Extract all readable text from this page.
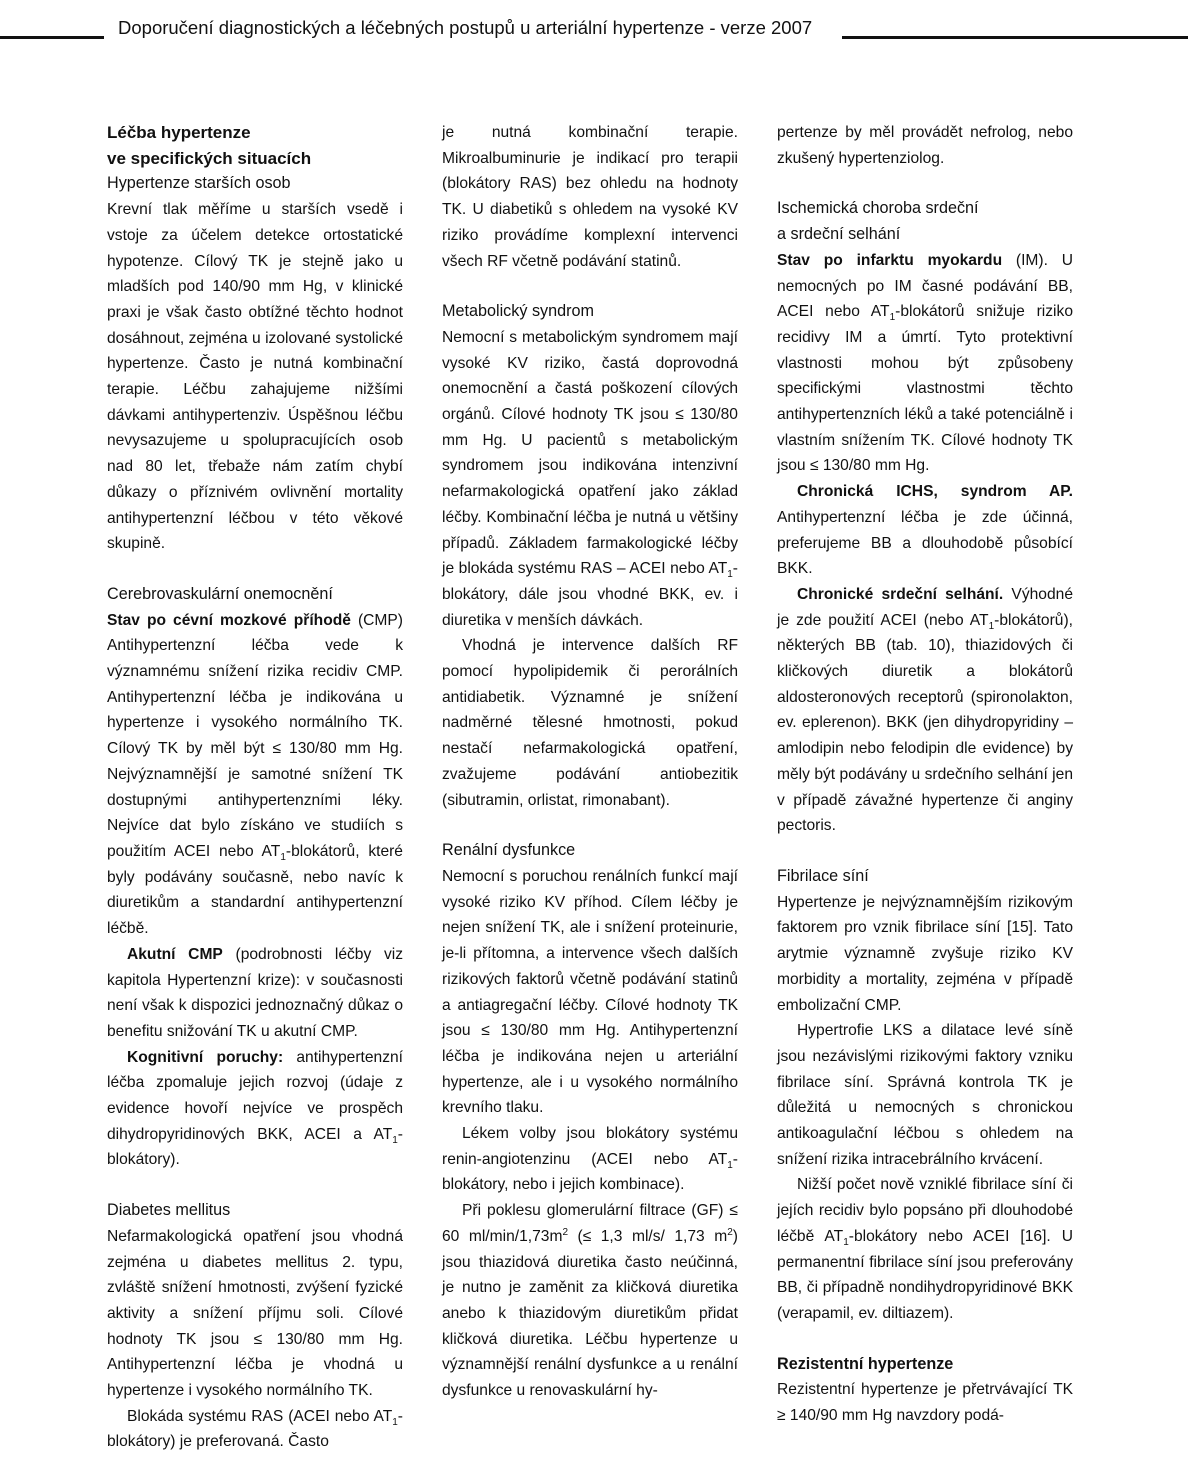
Doporučení diagnostických a léčebných postupů u arteriální hypertenze - verze 2007
Léčba hypertenze
ve specifických situacích
Hypertenze starších osob

Krevní tlak měříme u starších vsedě i vstoje za účelem detekce ortostatické hypotenze. Cílový TK je stejně jako u mladších pod 140/90 mm Hg, v klinické praxi je však často obtížné těchto hodnot dosáhnout, zejména u izolované systolické hypertenze. Často je nutná kombinační terapie. Léčbu zahajujeme nižšími dávkami antihypertenziv. Úspěšnou léčbu nevysazujeme u spolupracujících osob nad 80 let, třebaže nám zatím chybí důkazy o příznivém ovlivnění mortality antihypertenzní léčbou v této věkové skupině.

Cerebrovaskulární onemocnění

Stav po cévní mozkové příhodě (CMP) Antihypertenzní léčba vede k významnému snížení rizika recidiv CMP. Antihypertenzní léčba je indikována u hypertenze i vysokého normálního TK. Cílový TK by měl být ≤ 130/80 mm Hg. Nejvýznamnější je samotné snížení TK dostupnými antihypertenzními léky. Nejvíce dat bylo získáno ve studiích s použitím ACEI nebo $AT_1$-blokátorů, které byly podávány současně, nebo navíc k diuretikům a standardní antihypertenzní léčbě.

Akutní CMP (podrobnosti léčby viz kapitola Hypertenzní krize): v současnosti není však k dispozici jednoznačný důkaz o benefitu snižování TK u akutní CMP.

Kognitivní poruchy: antihypertenzní léčba zpomaluje jejich rozvoj (údaje z evidence hovoří nejvíce ve prospěch dihydropyridinových BKK, ACEI a $AT_1-blokátory$).

Diabetes mellitus

Nefarmakologická opatření jsou vhodná zejména u diabetes mellitus 2. typu, zvláště snížení hmotnosti, zvýšení fyzické aktivity a snížení příjmu soli. Cílové hodnoty TK jsou ≤ 130/80 mm Hg. Antihypertenzní léčba je vhodná u hypertenze i vysokého normálního TK.

Blokáda systému RAS (ACEI nebo $AT_1-blokátory$) je preferovaná. Často

je nutná kombinační terapie. Mikroalbuminurie je indikací pro terapii (blokátory RAS) bez ohledu na hodnoty TK. U diabetiků s ohledem na vysoké KV riziko provádíme komplexní intervenci všech RF včetně podávání statinů.

Metabolický syndrom

Nemocní s metabolickým syndromem mají vysoké KV riziko, častá doprovodná onemocnění a častá poškození cílových orgánů. Cílové hodnoty TK jsou ≤ 130/80 mm Hg. U pacientů s metabolickým syndromem jsou indikována intenzivní nefarmakologická opatření jako základ léčby. Kombinační léčba je nutná u většiny případů. Základem farmakologické léčby je blokáda systému RAS – ACEI nebo $AT_1$-blokátory, dále jsou vhodné BKK, ev. i diuretika v menších dávkách.

Vhodná je intervence dalších RF pomocí hypolipidemik či perorálních antidiabetik. Významné je snížení nadměrné tělesné hmotnosti, pokud nestačí nefarmakologická opatření, zvažujeme podávání antiobezitik (sibutramin, orlistat, rimonabant).

Renální dysfunkce

Nemocní s poruchou renálních funkcí mají vysoké riziko KV příhod. Cílem léčby je nejen snížení TK, ale i snížení proteinurie, je-li přítomna, a intervence všech dalších rizikových faktorů včetně podávání statinů a antiagregační léčby. Cílové hodnoty TK jsou ≤ 130/80 mm Hg. Antihypertenzní léčba je indikována nejen u arteriální hypertenze, ale i u vysokého normálního krevního tlaku.

Lékem volby jsou blokátory systému renin-angiotenzinu (ACEI nebo $AT_1$-blokátory, nebo i jejich kombinace).

Při poklesu glomerulární filtrace (GF) ≤ 60 $ml/\min/1,73m^2$ (≤ 1,3 ml/s/ 1,73 $m^2$) jsou thiazidová diuretika často neúčinná, je nutno je zaměnit za kličková diuretika anebo k thiazidovým diuretikům přidat kličková diuretika. Léčbu hypertenze u významnější renální dysfunkce a u renální dysfunkce u renovaskulární hy-

pertenze by měl provádět nefrolog, nebo zkušený hypertenziolog.

Ischemická choroba srdeční
a srdeční selhání

Stav po infarktu myokardu (IM). U nemocných po IM časné podávání BB, ACEI nebo $AT_1$-blokátorů snižuje riziko recidivy IM a úmrtí. Tyto protektivní vlastnosti mohou být způsobeny specifickými vlastnostmi těchto antihypertenzních léků a také potenciálně i vlastním snížením TK. Cílové hodnoty TK jsou ≤ 130/80 mm Hg.

Chronická ICHS, syndrom AP. Antihypertenzní léčba je zde účinná, preferujeme BB a dlouhodobě působící BKK.

Chronické srdeční selhání. Výhodné je zde použití ACEI (nebo $AT_1-blokátorů$), některých BB (tab. 10), thiazidových či kličkových diuretik a blokátorů aldosteronových receptorů (spironolakton, ev. eplerenon). BKK (jen dihydropyridiny – amlodipin nebo felodipin dle evidence) by měly být podávány u srdečního selhání jen v případě závažné hypertenze či anginy pectoris.

Fibrilace síní

Hypertenze je nejvýznamnějším rizikovým faktorem pro vznik fibrilace síní [15]. Tato arytmie významně zvyšuje riziko KV morbidity a mortality, zejména v případě embolizační CMP.

Hypertrofie LKS a dilatace levé síně jsou nezávislými rizikovými faktory vzniku fibrilace síní. Správná kontrola TK je důležitá u nemocných s chronickou antikoagulační léčbou s ohledem na snížení rizika intracebrálního krvácení.

Nižší počet nově vzniklé fibrilace síní či jejích recidiv bylo popsáno při dlouhodobé léčbě $AT_1$-blokátory nebo ACEI [16]. U permanentní fibrilace síní jsou preferovány BB, či případně nondihydropyridinové BKK (verapamil, ev. diltiazem).

Rezistentní hypertenze

Rezistentní hypertenze je přetrvávající TK ≥ 140/90 mm Hg navzdory podá-
